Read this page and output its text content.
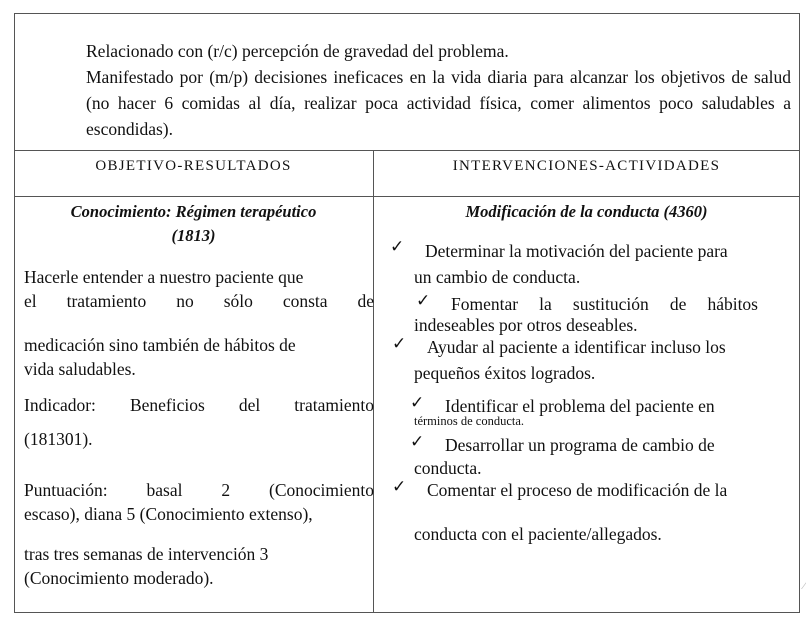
Relacionado con (r/c) percepción de gravedad del problema.

Manifestado por (m/p) decisiones ineficaces en la vida diaria para alcanzar los objetivos de salud (no hacer 6 comidas al día, realizar poca actividad física, comer alimentos poco saludables a escondidas).

OBJETIVO-RESULTADOS	INTERVENCIONES-ACTIVIDADES
Conocimiento: Régimen terapéutico
(1813)

Hacerle entender a nuestro paciente que

el tratamiento no sólo consta de

medicación sino también de hábitos de

vida saludables.

Indicador: Beneficios del tratamiento

(181301).

Puntuación: basal 2 (Conocimiento

escaso), diana 5 (Conocimiento extenso),

tras tres semanas de intervención 3

(Conocimiento moderado).

Modificación de la conducta (4360)
✓ Determinar la motivación del paciente para
un cambio de conducta.
✓ Fomentar la sustitución de hábitos
indeseables por otros deseables.
✓ Ayudar al paciente a identificar incluso los
pequeños éxitos logrados.
✓ Identificar el problema del paciente en
términos de conducta.
✓ Desarrollar un programa de cambio de
conducta.
✓ Comentar el proceso de modificación de la
conducta con el paciente/allegados.
⁄
